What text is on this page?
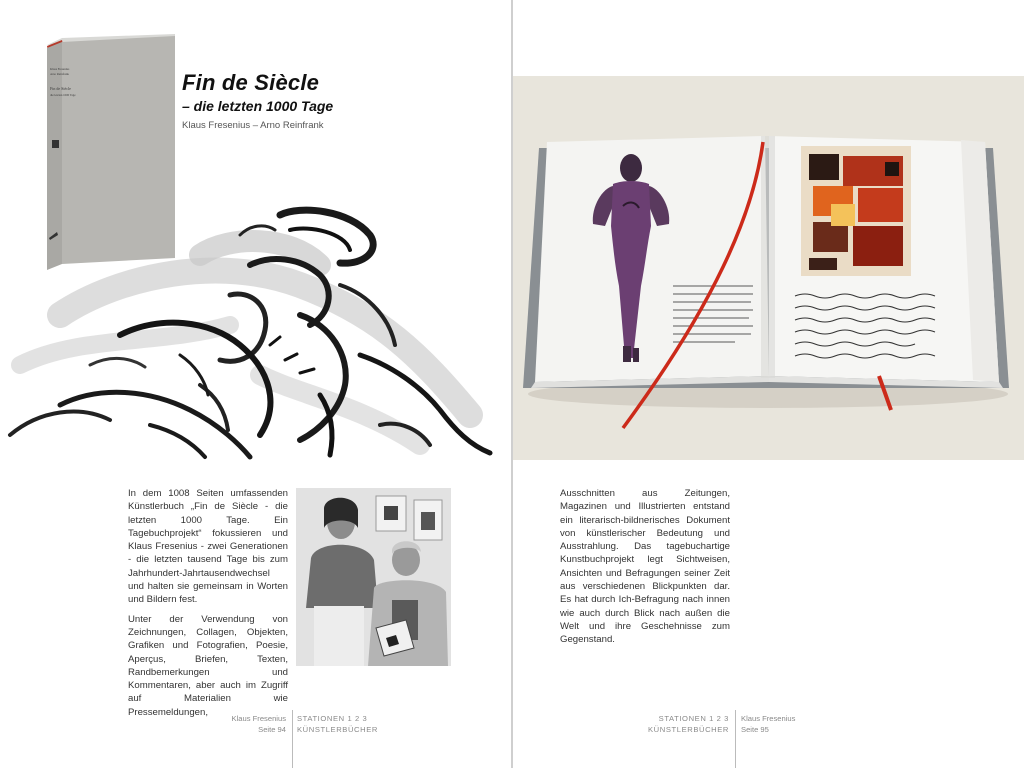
Klaus Fresenius
Arno Reinfrank
Fin de Siècle
die letzten 1000 Tage	Fin de Siècle
– die letzten 1000 Tage
Klaus Fresenius – Arno Reinfrank

In dem 1008 Seiten umfassenden Künstlerbuch „Fin de Siècle - die letzten 1000 Tage. Ein Tagebuchprojekt“ fokussieren und Klaus Fresenius - zwei Generationen - die letzten tausend Tage bis zum Jahrhundert-Jahrtausendwechsel und halten sie gemeinsam in Worten und Bildern fest.

Unter der Verwendung von Zeichnungen, Collagen, Objekten, Grafiken und Fotografien, Poesie, Aperçus, Briefen, Texten, Randbemerkungen und Kommentaren, aber auch im Zugriff auf Materialien wie Pressemeldungen,

Klaus Fresenius
Seite 94
STATIONEN 1 2 3
KÜNSTLERBÜCHER

Ausschnitten aus Zeitungen, Magazinen und Illustrierten entstand ein literarisch-bildnerisches Dokument von künstlerischer Bedeutung und Ausstrahlung. Das tagebuchartige Kunstbuchprojekt legt Sichtweisen, Ansichten und Befragungen seiner Zeit aus verschiedenen Blickpunkten dar. Es hat durch Ich-Befragung nach innen wie auch durch Blick nach außen die Welt und ihre Geschehnisse zum Gegenstand.

STATIONEN 1 2 3
KÜNSTLERBÜCHER
Klaus Fresenius
Seite 95
